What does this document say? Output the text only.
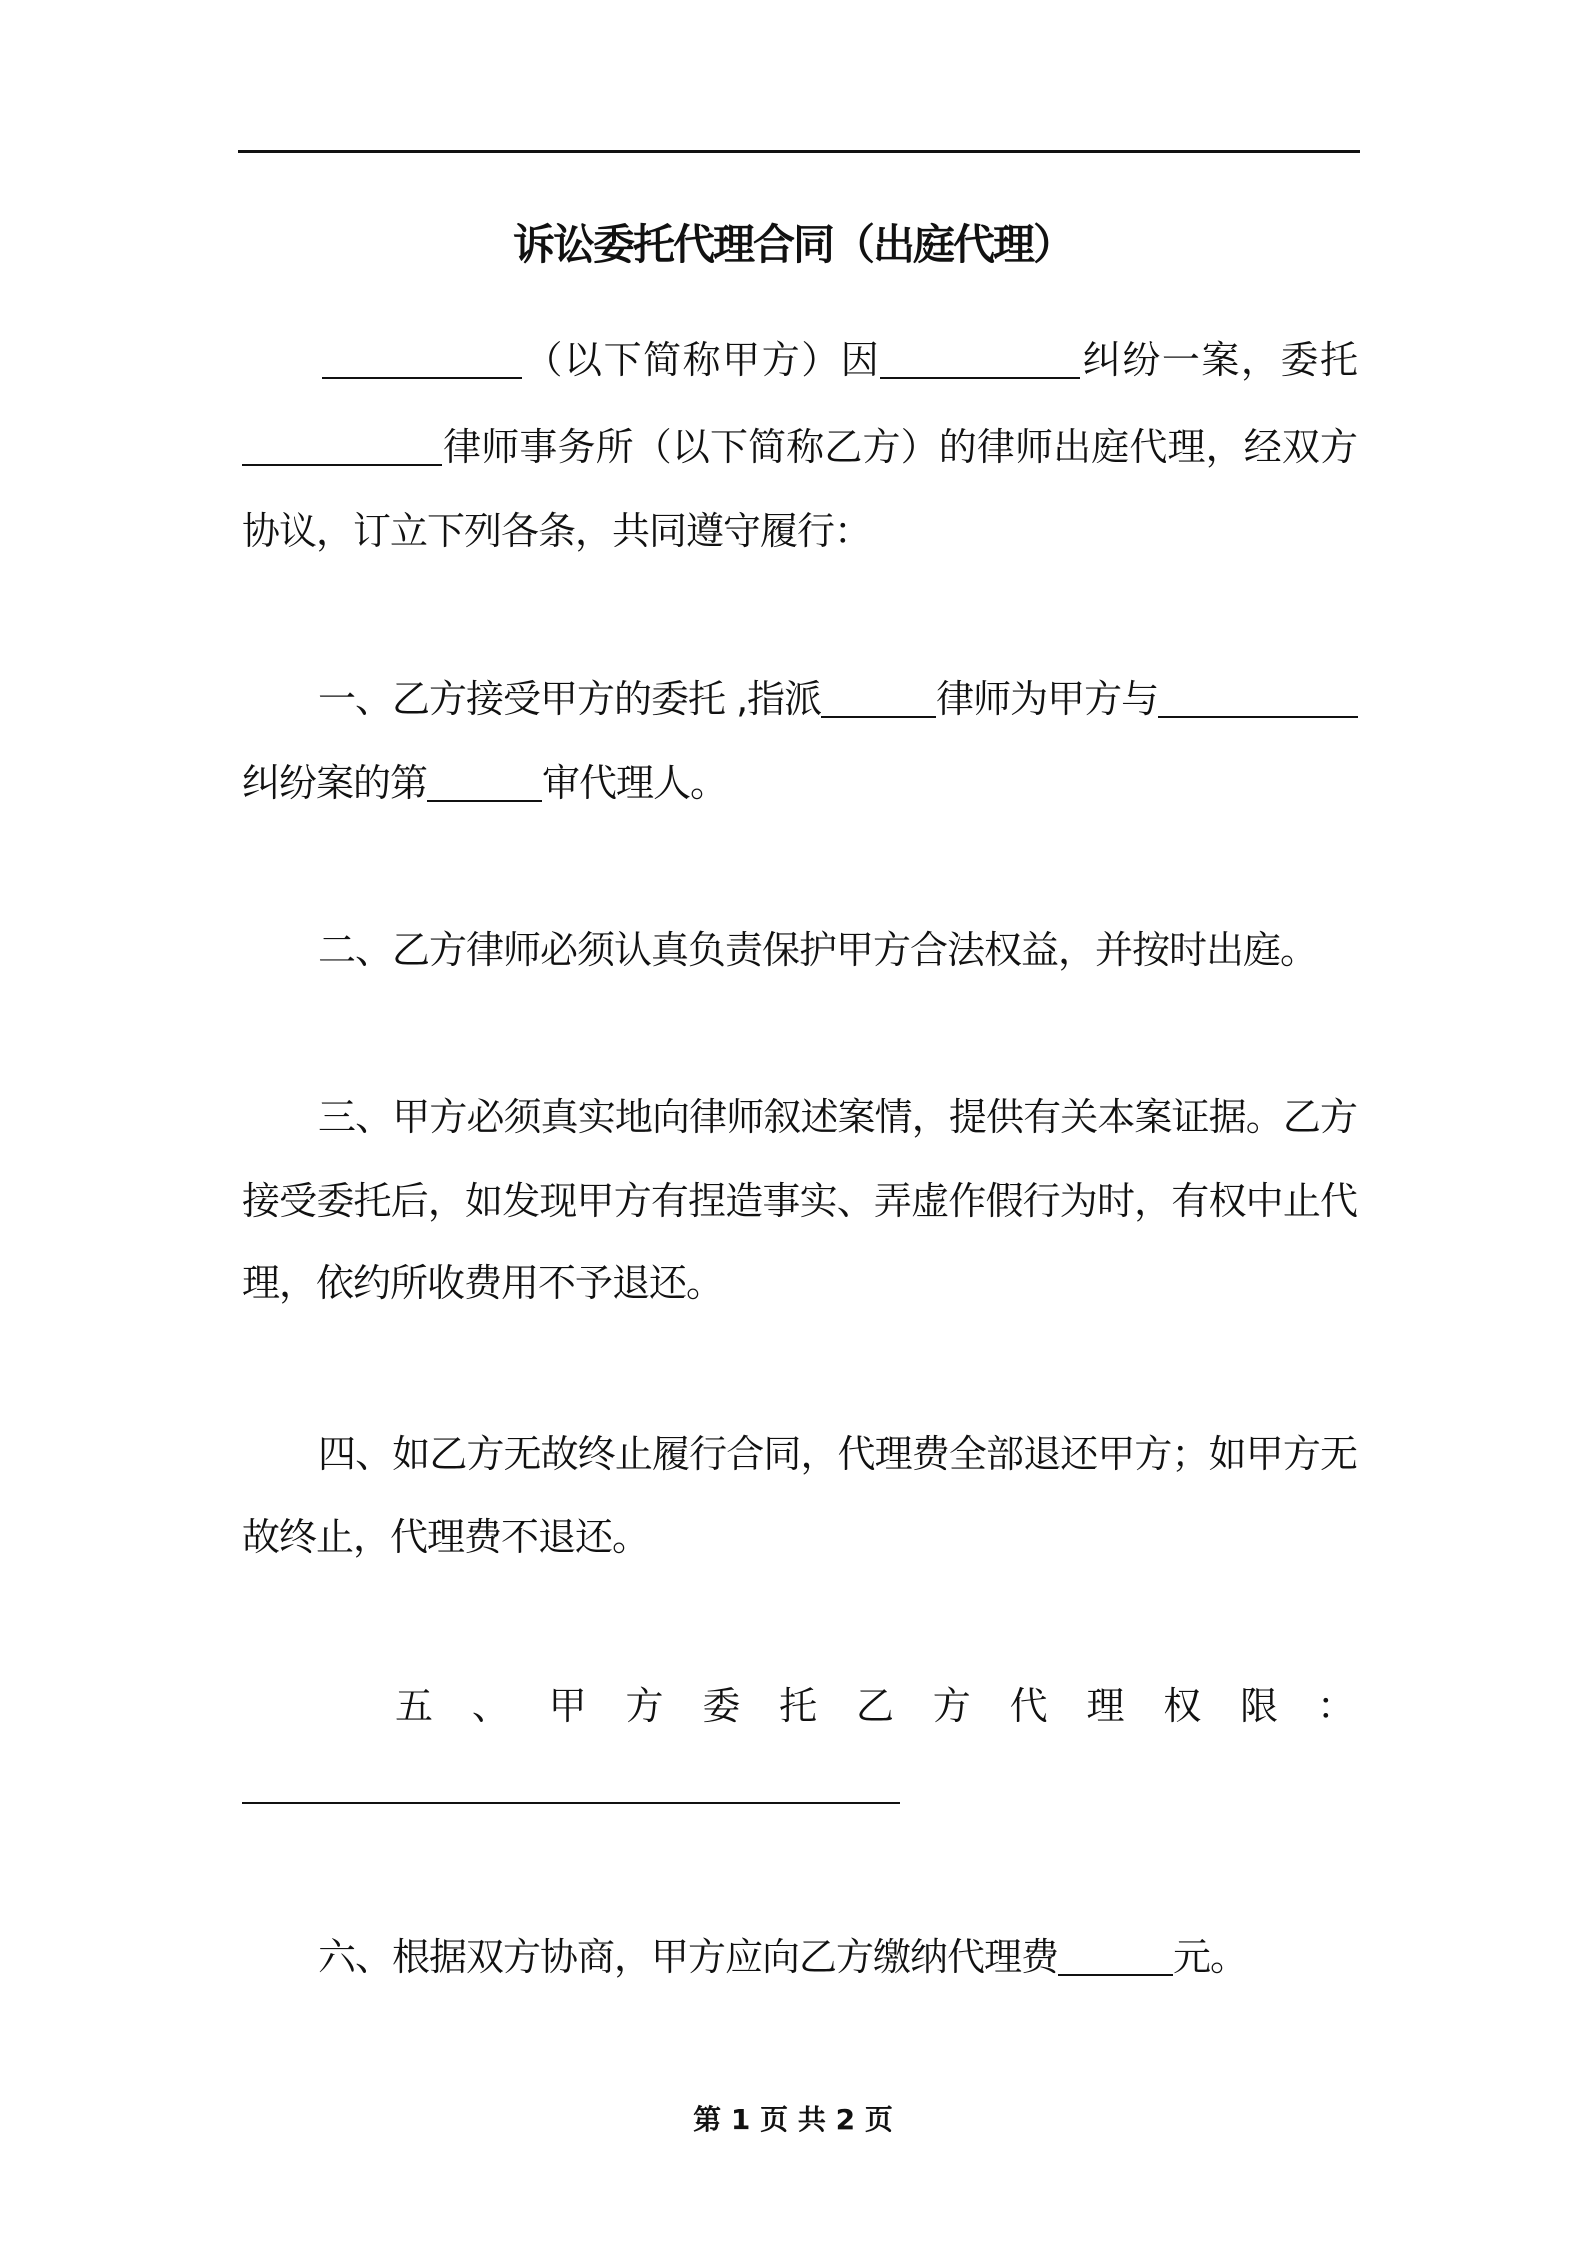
诉讼委托代理合同（出庭代理）
（以下简称甲方）因	纠纷一案，委托
律师事务所（以下简称乙方）的律师出庭代理，经双方
协议，订立下列各条，共同遵守履行：
一、乙方接受甲方的委托 ,指派	律师为甲方与
纠纷案的第	审代理人。
二、乙方律师必须认真负责保护甲方合法权益，并按时出庭。
三、甲方必须真实地向律师叙述案情，提供有关本案证据。乙方
接受委托后，如发现甲方有捏造事实、弄虚作假行为时，有权中止代
理，依约所收费用不予退还。
四、如乙方无故终止履行合同，代理费全部退还甲方；如甲方无
故终止，代理费不退还。
五 、 甲 方 委 托 乙 方 代 理 权 限 ：
六、根据双方协商，甲方应向乙方缴纳代理费	元。
第 1 页 共 2 页
